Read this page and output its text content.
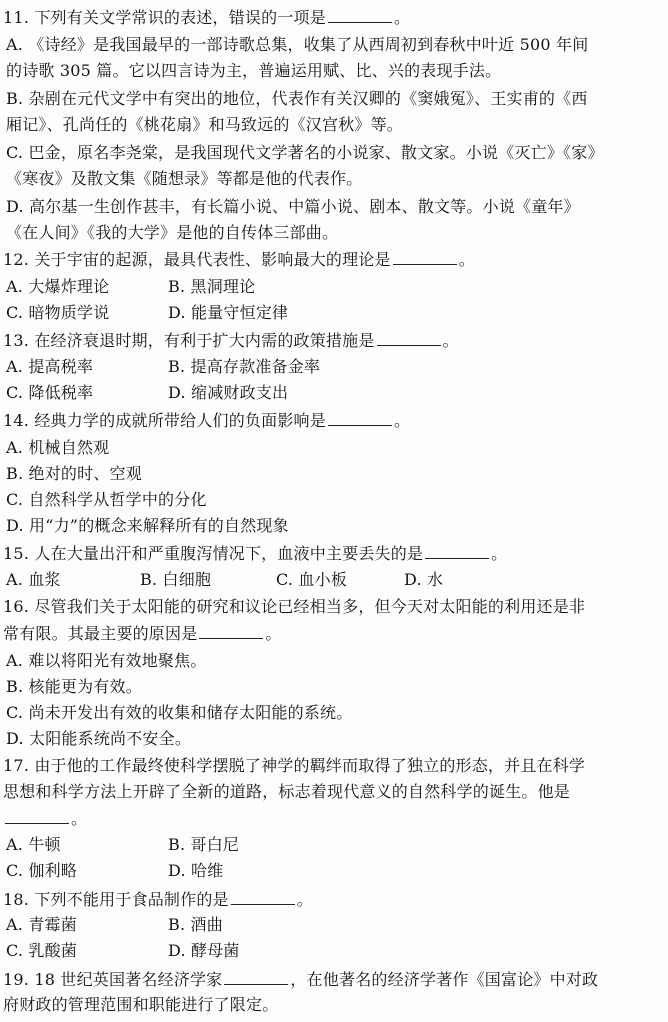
11. 下列有关文学常识的表述，错误的一项是	。
A. 《诗经》是我国最早的一部诗歌总集，收集了从西周初到春秋中叶近 500 年间
的诗歌 305 篇。它以四言诗为主，普遍运用赋、比、兴的表现手法。
B. 杂剧在元代文学中有突出的地位，代表作有关汉卿的《窦娥冤》、王实甫的《西
厢记》、孔尚任的《桃花扇》和马致远的《汉宫秋》等。
C. 巴金，原名李尧棠，是我国现代文学著名的小说家、散文家。小说《灭亡》《家》
《寒夜》及散文集《随想录》等都是他的代表作。
D. 高尔基一生创作甚丰，有长篇小说、中篇小说、剧本、散文等。小说《童年》
《在人间》《我的大学》是他的自传体三部曲。
12. 关于宇宙的起源，最具代表性、影响最大的理论是	。
A. 大爆炸理论	B. 黑洞理论
C. 暗物质学说	D. 能量守恒定律
13. 在经济衰退时期，有利于扩大内需的政策措施是	。
A. 提高税率	B. 提高存款准备金率
C. 降低税率	D. 缩减财政支出
14. 经典力学的成就所带给人们的负面影响是	。
A. 机械自然观
B. 绝对的时、空观
C. 自然科学从哲学中的分化
D. 用“力”的概念来解释所有的自然现象
15. 人在大量出汗和严重腹泻情况下，血液中主要丢失的是	。
A. 血浆	B. 白细胞	C. 血小板	D. 水
16. 尽管我们关于太阳能的研究和议论已经相当多，但今天对太阳能的利用还是非
常有限。其最主要的原因是	。
A. 难以将阳光有效地聚焦。
B. 核能更为有效。
C. 尚未开发出有效的收集和储存太阳能的系统。
D. 太阳能系统尚不安全。
17. 由于他的工作最终使科学摆脱了神学的羁绊而取得了独立的形态，并且在科学
思想和科学方法上开辟了全新的道路，标志着现代意义的自然科学的诞生。他是
。
A. 牛顿	B. 哥白尼
C. 伽利略	D. 哈维
18. 下列不能用于食品制作的是	。
A. 青霉菌	B. 酒曲
C. 乳酸菌	D. 酵母菌
19. 18 世纪英国著名经济学家	，在他著名的经济学著作《国富论》中对政
府财政的管理范围和职能进行了限定。
